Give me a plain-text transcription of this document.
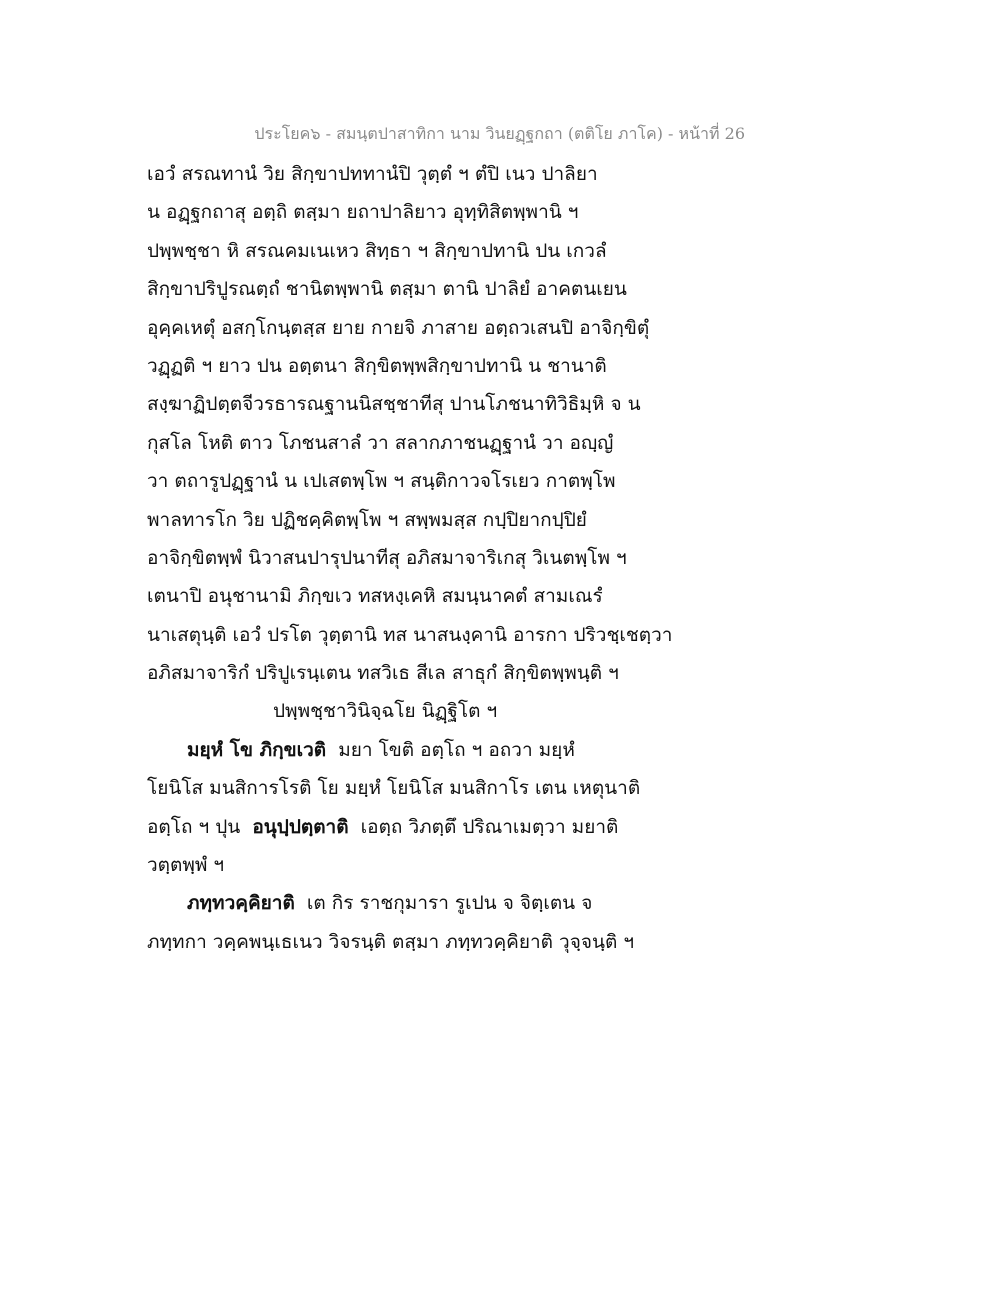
ประโยค๖ - สมนฺตปาสาทิกา นาม วินยฏฺฐกถา (ตติโย ภาโค) - หน้าที่ 26
เอวํ สรณทานํ วิย สิกฺขาปททานํปิ วุตฺตํ ฯ ตํปิ เนว ปาลิยา
น อฏฺฐกถาสุ อตฺถิ ตสฺมา ยถาปาลิยาว อุทฺทิสิตพฺพานิ ฯ
ปพฺพชฺชา หิ สรณคมเนเหว สิทฺธา ฯ สิกฺขาปทานิ ปน เกวลํ
สิกฺขาปริปูรณตฺถํ ชานิตพฺพานิ ตสฺมา ตานิ ปาลิยํ อาคตนเยน
อุคฺคเหตุํ อสกฺโกนฺตสฺส ยาย กายจิ ภาสาย อตฺถวเสนปิ อาจิกฺขิตุํ
วฏฺฏติ ฯ ยาว ปน อตฺตนา สิกฺขิตพฺพสิกฺขาปทานิ น ชานาติ
สงฺฆาฏิปตฺตจีวรธารณฐานนิสชฺชาทีสุ ปานโภชนาทิวิธิมฺหิ จ น
กุสโล โหติ ตาว โภชนสาลํ วา สลากภาชนฏฺฐานํ วา อญฺญํ
วา ตถารูปฏฺฐานํ น เปเสตพฺโพ ฯ สนฺติกาวจโรเยว กาตพฺโพ
พาลทารโก วิย ปฏิชคฺคิตพฺโพ ฯ สพฺพมสฺส กปฺปิยากปฺปิยํ
อาจิกฺขิตพฺพํ นิวาสนปารุปนาทีสุ อภิสมาจาริเกสุ วิเนตพฺโพ ฯ
เตนาปิ อนุชานามิ ภิกฺขเว ทสหงฺเคหิ สมนฺนาคตํ สามเณรํ
นาเสตุนฺติ เอวํ ปรโต วุตฺตานิ ทส นาสนงฺคานิ อารกา ปริวชฺเชตฺวา
อภิสมาจาริกํ ปริปูเรนฺเตน ทสวิเธ สีเล สาธุกํ สิกฺขิตพฺพนฺติ ฯ
ปพฺพชฺชาวินิจฺฉโย นิฏฺฐิโต ฯ
มยฺหํ โข ภิกฺขเวติ มยา โขติ อตฺโถ ฯ อถวา มยฺหํ
โยนิโส มนสิการโรติ โย มยฺหํ โยนิโส มนสิกาโร เตน เหตุนาติ
อตฺโถ ฯ ปุน อนุปฺปตฺตาติ เอตฺถ วิภตฺตึ ปริณาเมตฺวา มยาติ
วตฺตพฺพํ ฯ
ภทฺทวคฺคิยาติ เต กิร ราชกุมารา รูเปน จ จิตฺเตน จ
ภทฺทกา วคฺคพนฺเธเนว วิจรนฺติ ตสฺมา ภทฺทวคฺคิยาติ วุจฺจนฺติ ฯ
